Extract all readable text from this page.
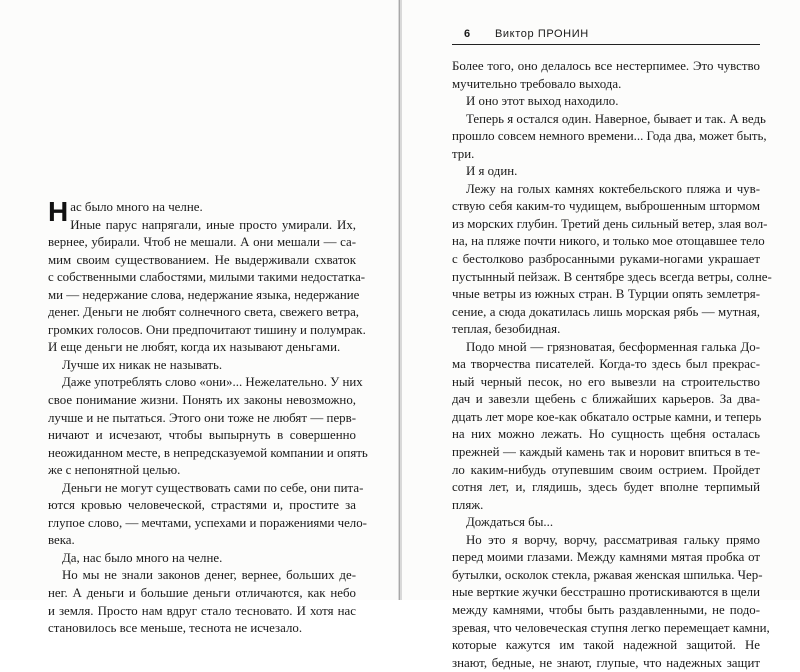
Н ас было много на челне.
Иные парус напрягали, иные просто умирали. Их,
вернее, убирали. Чтоб не мешали. А они мешали — са-
мим своим существованием. Не выдерживали схваток
с собственными слабостями, милыми такими недостатка-
ми — недержание слова, недержание языка, недержание
денег. Деньги не любят солнечного света, свежего ветра,
громких голосов. Они предпочитают тишину и полумрак.
И еще деньги не любят, когда их называют деньгами.
Лучше их никак не называть.
Даже употреблять слово «они»... Нежелательно. У них
свое понимание жизни. Понять их законы невозможно,
лучше и не пытаться. Этого они тоже не любят — перв-
ничают и исчезают, чтобы выпырнуть в совершенно
неожиданном месте, в непредсказуемой компании и опять
же с непонятной целью.
Деньги не могут существовать сами по себе, они пита-
ются кровью человеческой, страстями и, простите за
глупое слово, — мечтами, успехами и поражениями чело-
века.
Да, нас было много на челне.
Но мы не знали законов денег, вернее, больших де-
нег. А деньги и большие деньги отличаются, как небо
и земля. Просто нам вдруг стало тесновато. И хотя нас
становилось все меньше, теснота не исчезало.
6 Виктор ПРОНИН
Более того, оно делалось все нестерпимее. Это чувство
мучительно требовало выхода.
И оно этот выход находило.
Теперь я остался один. Наверное, бывает и так. А ведь
прошло совсем немного времени... Года два, может быть,
три.
И я один.
Лежу на голых камнях коктебельского пляжа и чув-
ствую себя каким-то чудищем, выброшенным штормом
из морских глубин. Третий день сильный ветер, злая вол-
на, на пляже почти никого, и только мое отощавшее тело
с бестолково разбросанными руками-ногами украшает
пустынный пейзаж. В сентябре здесь всегда ветры, солне-
чные ветры из южных стран. В Турции опять землетря-
сение, а сюда докатилась лишь морская рябь — мутная,
теплая, безобидная.
Подо мной — грязноватая, бесформенная галька До-
ма творчества писателей. Когда-то здесь был прекрас-
ный черный песок, но его вывезли на строительство
дач и завезли щебень с ближайших карьеров. За два-
дцать лет море кое-как обкатало острые камни, и теперь
на них можно лежать. Но сущность щебня осталась
прежней — каждый камень так и норовит впиться в те-
ло каким-нибудь отупевшим своим острием. Пройдет
сотня лет, и, глядишь, здесь будет вполне терпимый
пляж.
Дождаться бы...
Но это я ворчу, ворчу, рассматривая гальку прямо
перед моими глазами. Между камнями мятая пробка от
бутылки, осколок стекла, ржавая женская шпилька. Чер-
ные верткие жучки бесстрашно протискиваются в щели
между камнями, чтобы быть раздавленными, не подо-
зревая, что человеческая ступня легко перемещает камни,
которые кажутся им такой надежной защитой. Не
знают, бедные, не знают, глупые, что надежных защит
